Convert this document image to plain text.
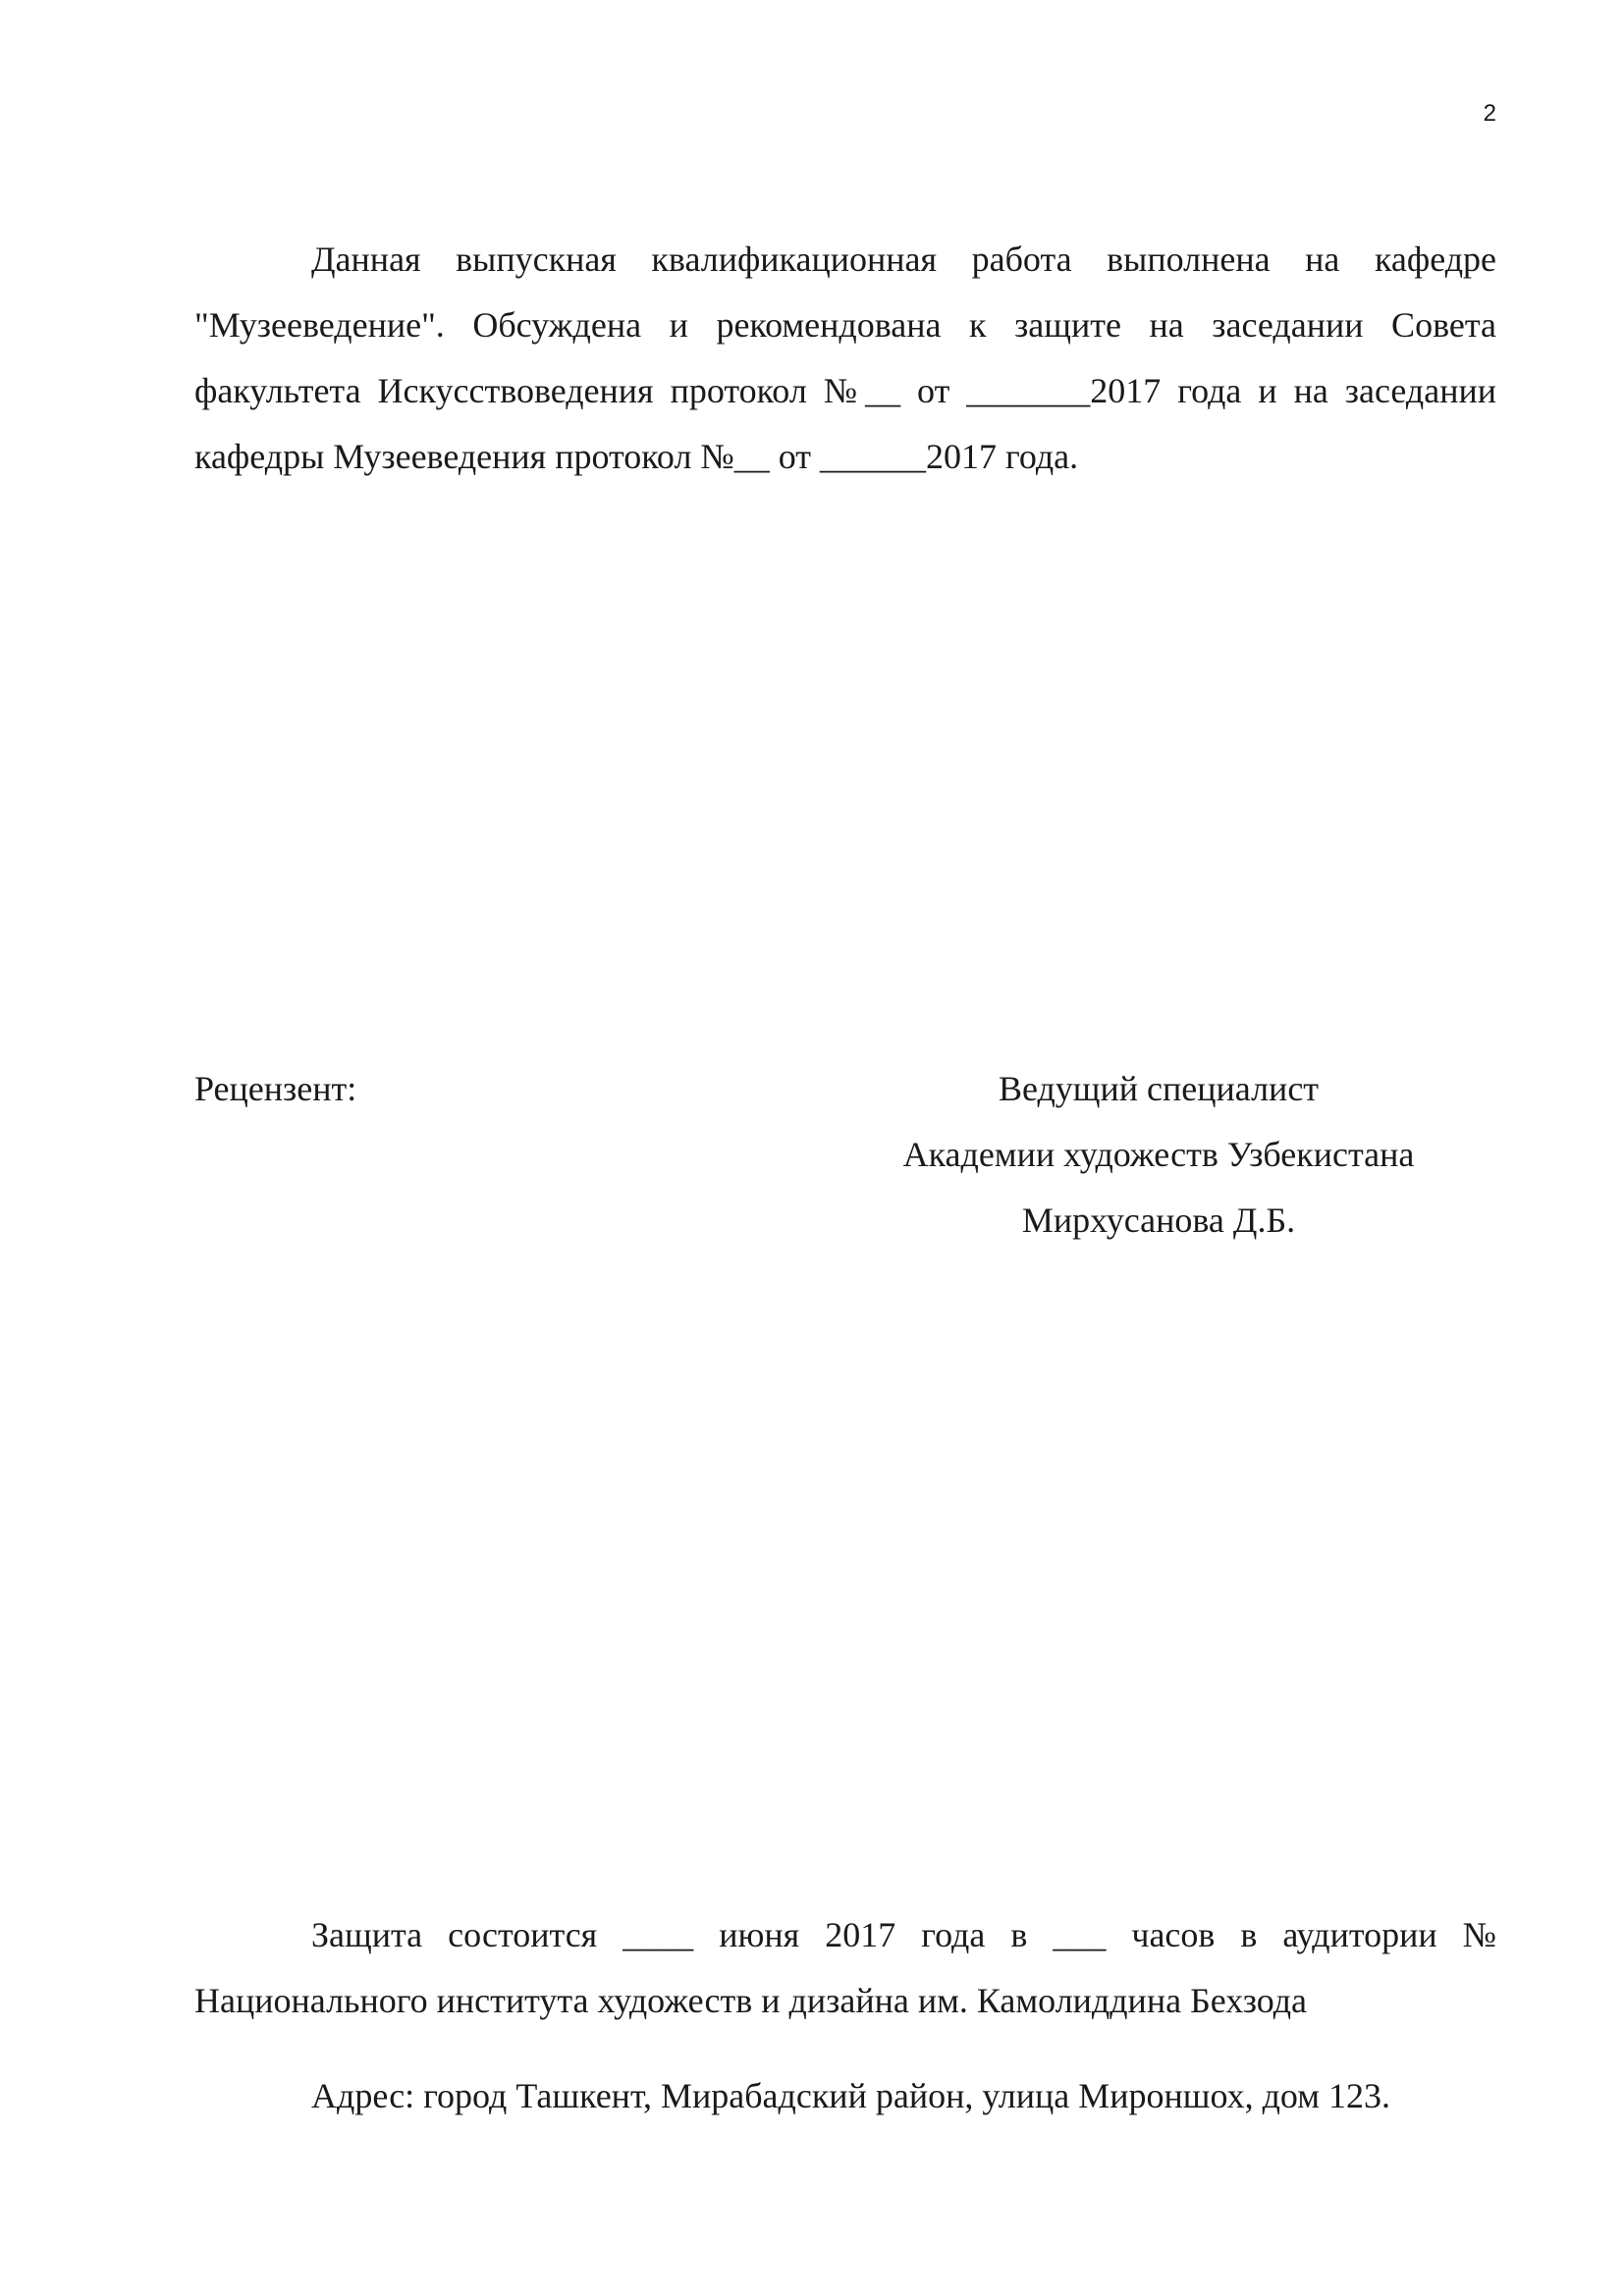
2

Данная выпускная квалификационная работа выполнена на кафедре "Музееведение". Обсуждена и рекомендована к защите на заседании Совета факультета Искусствоведения протокол №__ от _______2017 года и на заседании кафедры Музееведения протокол №__ от ______2017 года.

Рецензент:	Ведущий специалист
Академии художеств Узбекистана
Мирхусанова Д.Б.

Защита состоится ____ июня 2017 года в ___ часов в аудитории № Национального института художеств и дизайна им. Камолиддина Бехзода

Адрес: город Ташкент, Мирабадский район, улица Мироншох, дом 123.
